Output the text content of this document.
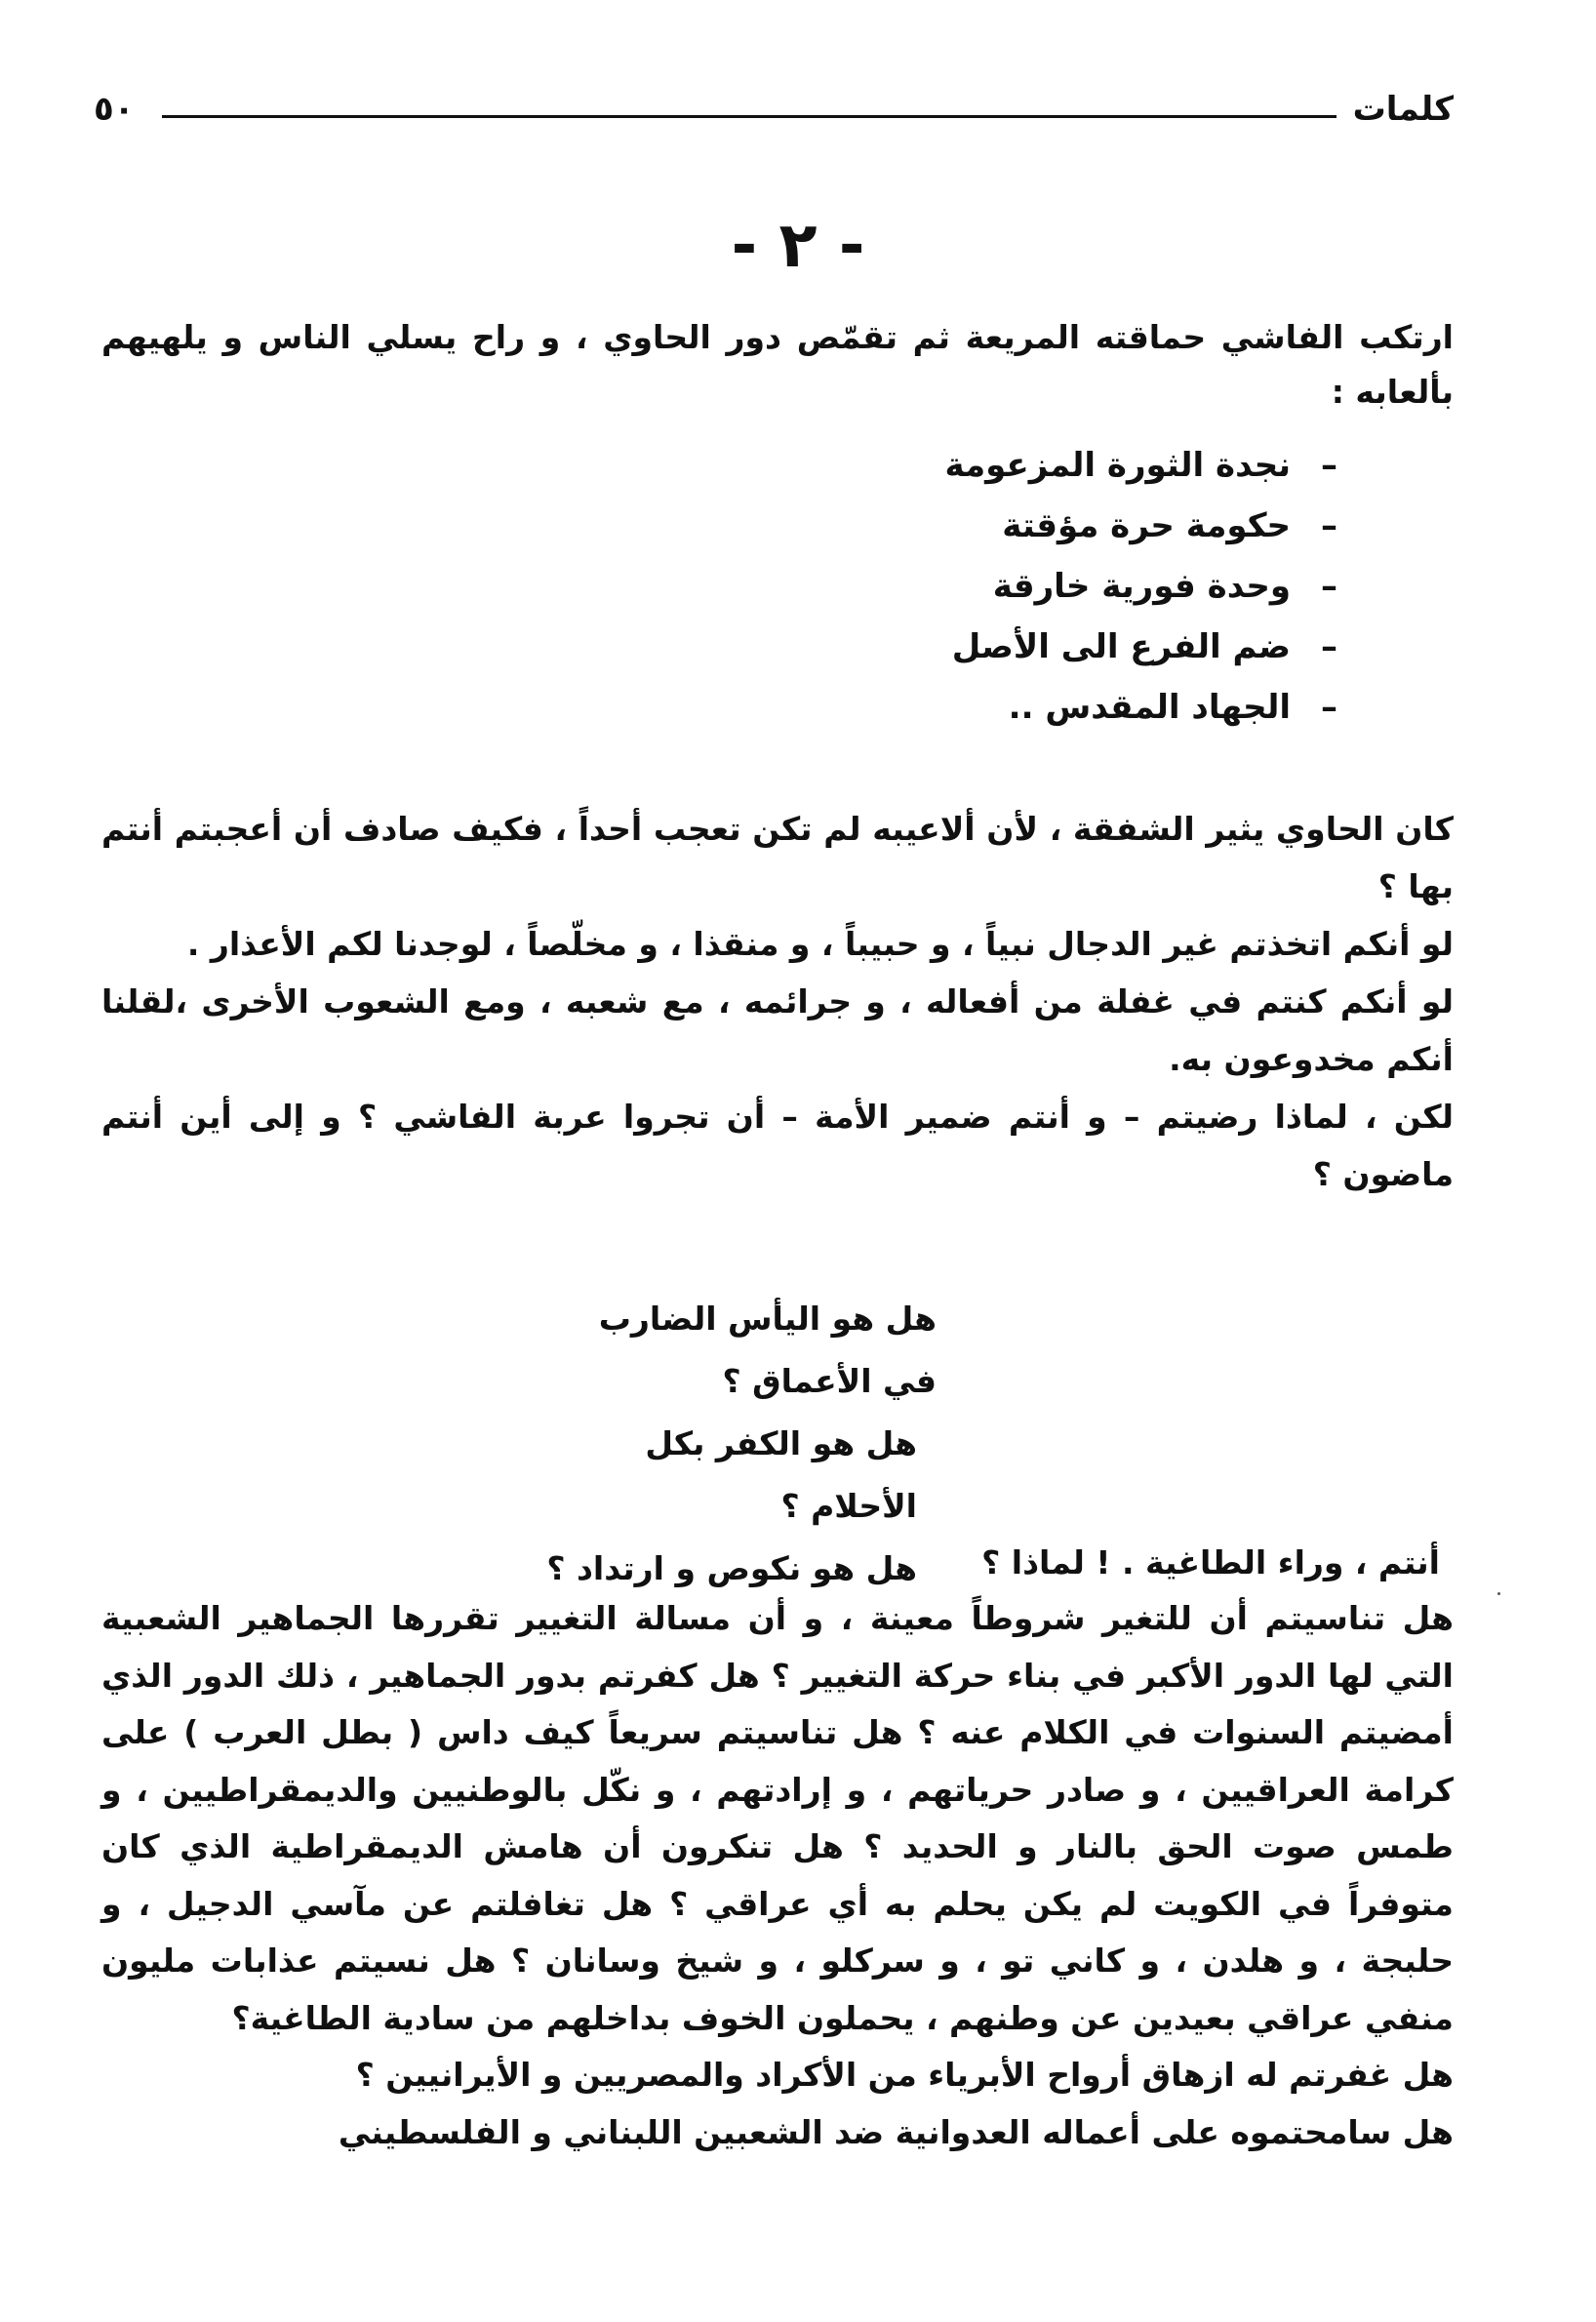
كلمات
٥٠
- ٢ -

ارتكب الفاشي حماقته المريعة ثم تقمّص دور الحاوي ، و راح يسلي الناس و يلهيهم بألعابه :

–نجدة الثورة المزعومة
–حكومة حرة مؤقتة
–وحدة فورية خارقة
–ضم الفرع الى الأصل
–الجهاد المقدس ..

كان الحاوي يثير الشفقة ، لأن ألاعيبه لم تكن تعجب أحداً ، فكيف صادف أن أعجبتم أنتم بها ؟

لو أنكم اتخذتم غير الدجال نبياً ، و حبيباً ، و منقذا ، و مخلّصاً ، لوجدنا لكم الأعذار .

لو أنكم كنتم في غفلة من أفعاله ، و جرائمه ، مع شعبه ، ومع الشعوب الأخرى ،لقلنا أنكم مخدوعون به.

لكن ، لماذا رضيتم – و أنتم ضمير الأمة – أن تجروا عربة الفاشي ؟ و إلى أين أنتم ماضون ؟

هل هو اليأس الضارب في الأعماق ؟
هل هو الكفر بكل الأحلام ؟
هل هو نكوص و ارتداد ؟	أنتم ، وراء الطاغية . ! لماذا ؟

هل تناسيتم أن للتغير شروطاً معينة ، و أن مسالة التغيير تقررها الجماهير الشعبية التي لها الدور الأكبر في بناء حركة التغيير ؟ هل كفرتم بدور الجماهير ، ذلك الدور الذي أمضيتم السنوات في الكلام عنه ؟ هل تناسيتم سريعاً كيف داس ( بطل العرب ) على كرامة العراقيين ، و صادر حرياتهم ، و إرادتهم ، و نكّل بالوطنيين والديمقراطيين ، و طمس صوت الحق بالنار و الحديد ؟ هل تنكرون أن هامش الديمقراطية الذي كان متوفراً في الكويت لم يكن يحلم به أي عراقي ؟ هل تغافلتم عن مآسي الدجيل ، و حلبجة ، و هلدن ، و كاني تو ، و سركلو ، و شيخ وسانان ؟ هل نسيتم عذابات مليون منفي عراقي بعيدين عن وطنهم ، يحملون الخوف بداخلهم من سادية الطاغية؟

هل غفرتم له ازهاق أرواح الأبرياء من الأكراد والمصريين و الأيرانيين ؟

هل سامحتموه على أعماله العدوانية ضد الشعبين اللبناني و الفلسطيني
